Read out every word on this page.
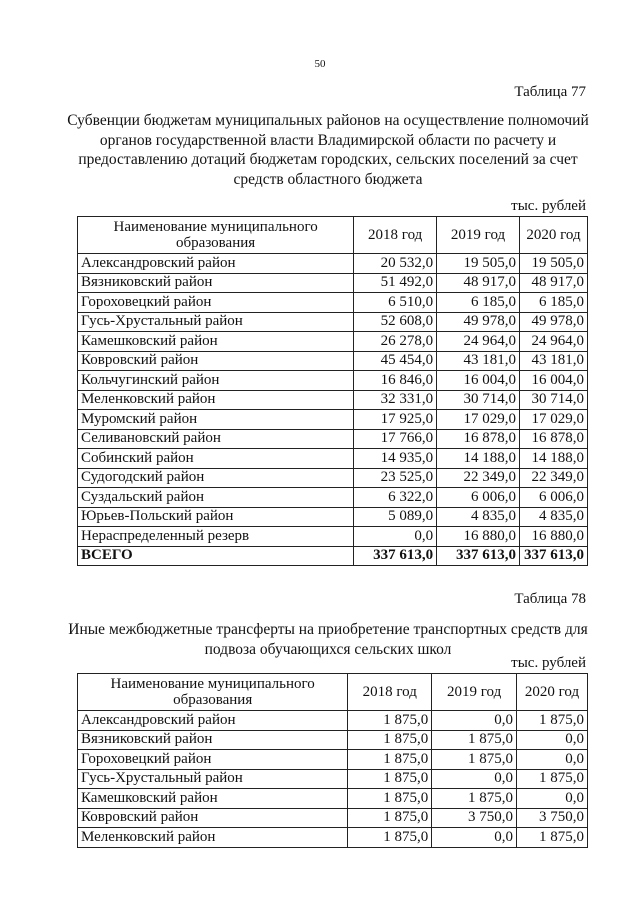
50
Таблица 77
Субвенции бюджетам муниципальных районов на осуществление полномочий органов государственной власти Владимирской области по расчету и предоставлению дотаций бюджетам городских, сельских поселений за счет средств областного бюджета
тыс. рублей
Наименование муниципального образования	2018 год	2019 год	2020 год
Александровский район	20 532,0	19 505,0	19 505,0
Вязниковский район	51 492,0	48 917,0	48 917,0
Гороховецкий район	6 510,0	6 185,0	6 185,0
Гусь-Хрустальный район	52 608,0	49 978,0	49 978,0
Камешковский район	26 278,0	24 964,0	24 964,0
Ковровский район	45 454,0	43 181,0	43 181,0
Кольчугинский район	16 846,0	16 004,0	16 004,0
Меленковский район	32 331,0	30 714,0	30 714,0
Муромский район	17 925,0	17 029,0	17 029,0
Селивановский район	17 766,0	16 878,0	16 878,0
Собинский район	14 935,0	14 188,0	14 188,0
Судогодский район	23 525,0	22 349,0	22 349,0
Суздальский район	6 322,0	6 006,0	6 006,0
Юрьев-Польский район	5 089,0	4 835,0	4 835,0
Нераспределенный резерв	0,0	16 880,0	16 880,0
ВСЕГО	337 613,0	337 613,0	337 613,0
Таблица 78
Иные межбюджетные трансферты на приобретение транспортных средств для подвоза обучающихся сельских школ
тыс. рублей
Наименование муниципального образования	2018 год	2019 год	2020 год
Александровский район	1 875,0	0,0	1 875,0
Вязниковский район	1 875,0	1 875,0	0,0
Гороховецкий район	1 875,0	1 875,0	0,0
Гусь-Хрустальный район	1 875,0	0,0	1 875,0
Камешковский район	1 875,0	1 875,0	0,0
Ковровский район	1 875,0	3 750,0	3 750,0
Меленковский район	1 875,0	0,0	1 875,0
